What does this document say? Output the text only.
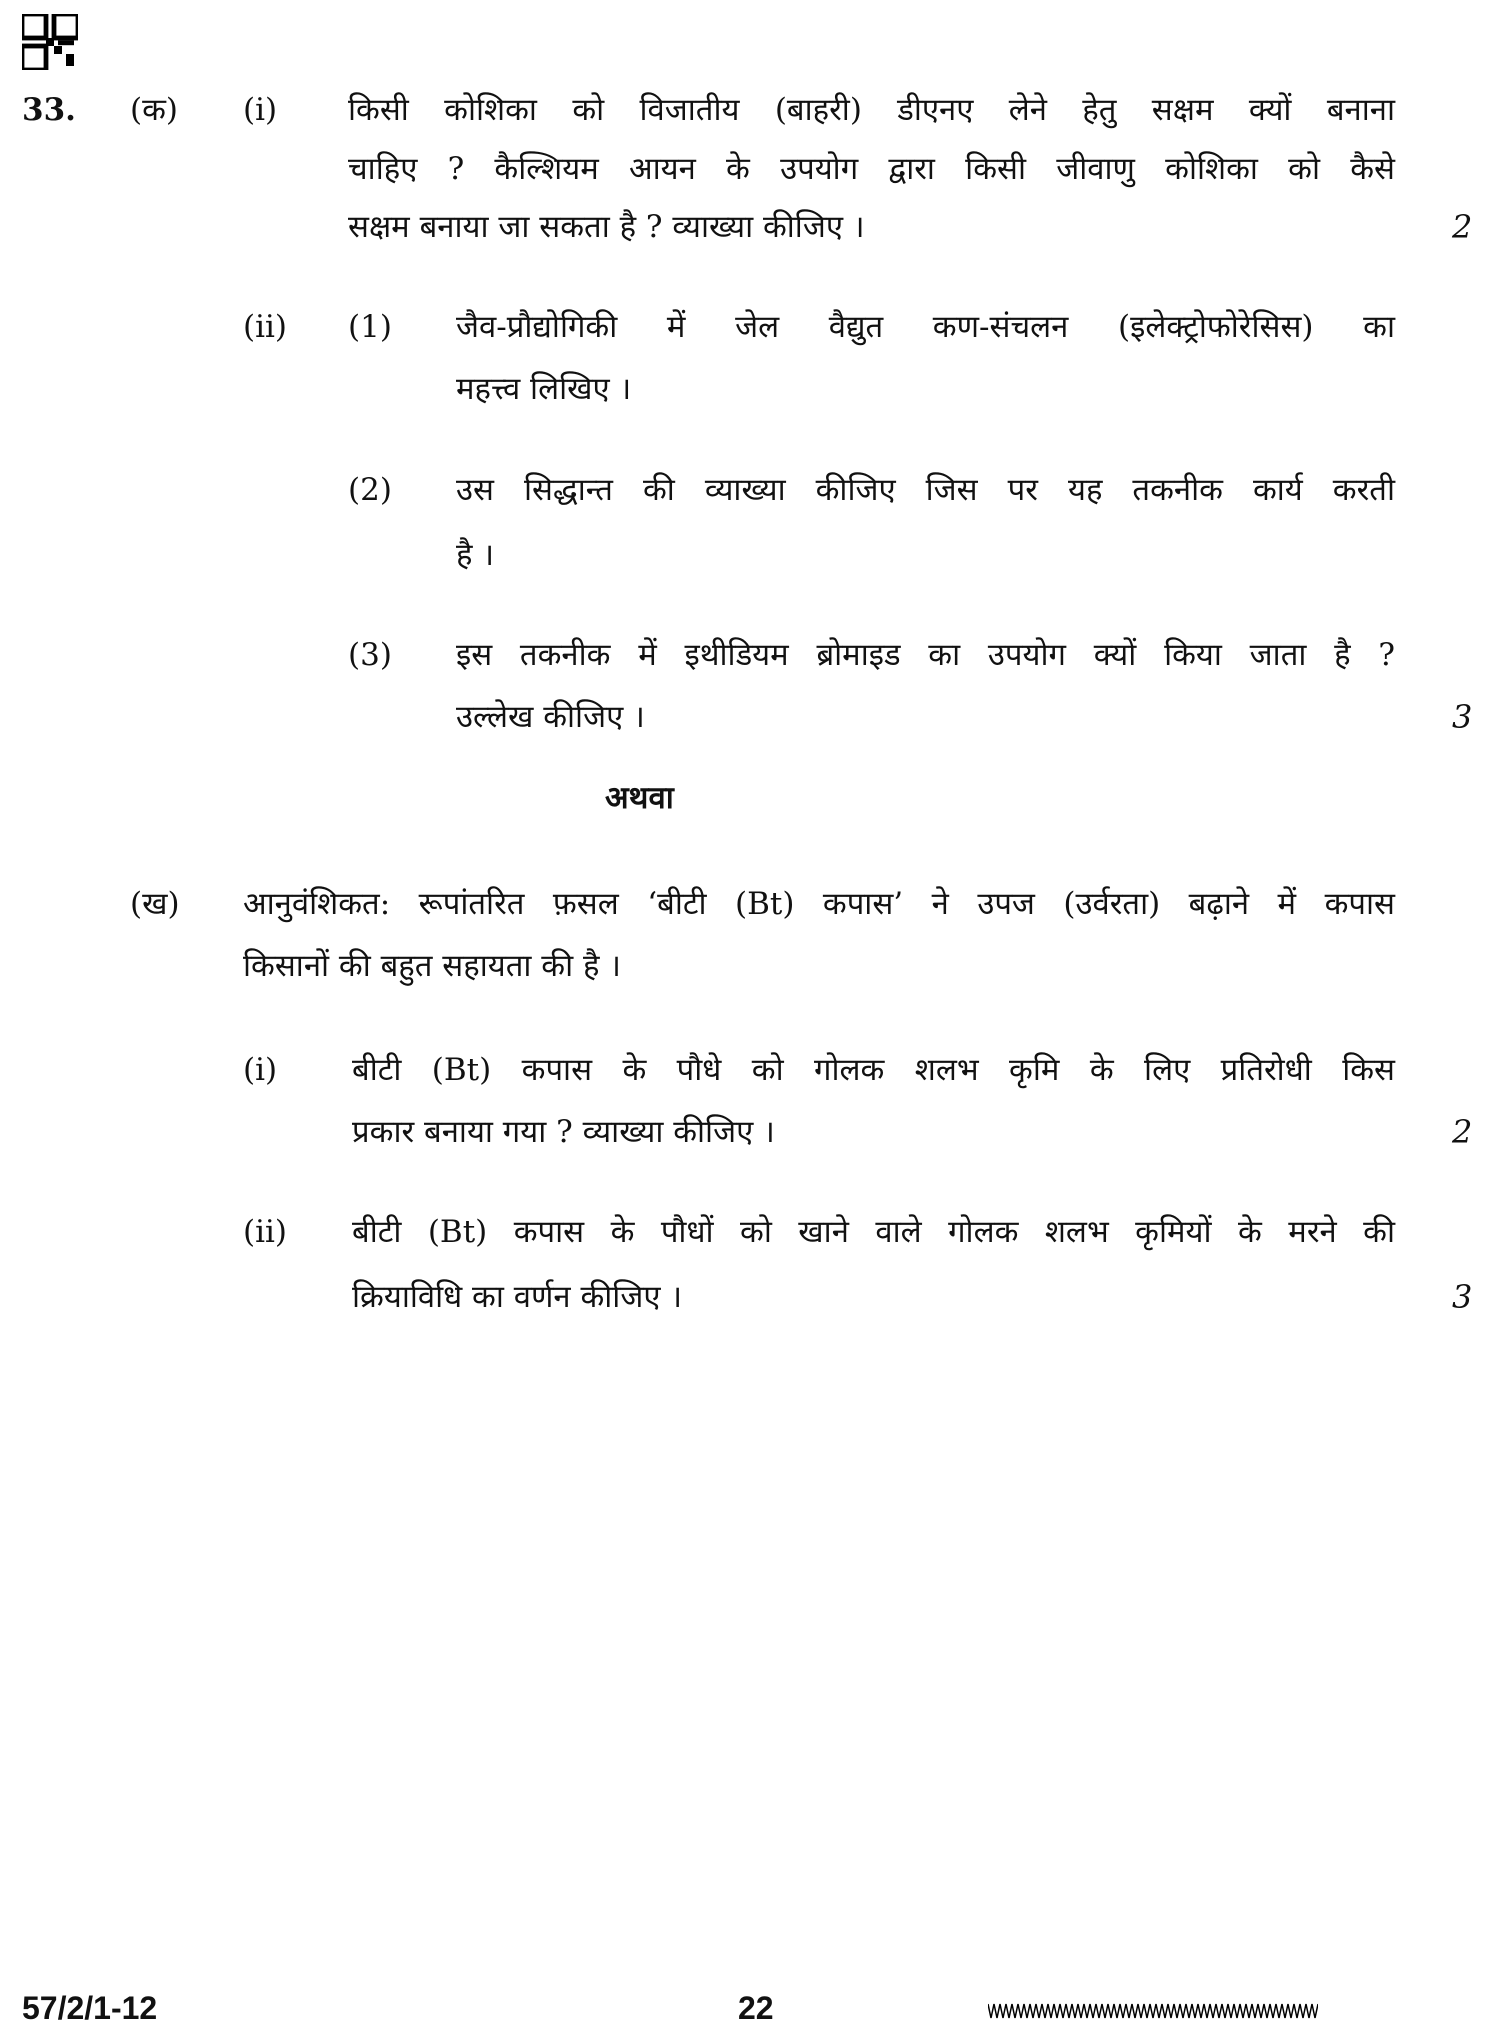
33. (क) (i) किसी कोशिका को विजातीय (बाहरी) डीएनए लेने हेतु सक्षम क्यों बनाना
चाहिए ? कैल्शियम आयन के उपयोग द्वारा किसी जीवाणु कोशिका को कैसे
सक्षम बनाया जा सकता है ? व्याख्या कीजिए ।	2
(ii) (1) जैव-प्रौद्योगिकी में जेल वैद्युत कण-संचलन (इलेक्ट्रोफोरेसिस) का
महत्त्व लिखिए ।
(2) उस सिद्धान्त की व्याख्या कीजिए जिस पर यह तकनीक कार्य करती
है ।
(3) इस तकनीक में इथीडियम ब्रोमाइड का उपयोग क्यों किया जाता है ?
उल्लेख कीजिए ।	3
अथवा
(ख) आनुवंशिकत: रूपांतरित फ़सल ‘बीटी (Bt) कपास’ ने उपज (उर्वरता) बढ़ाने में कपास
किसानों की बहुत सहायता की है ।
(i) बीटी (Bt) कपास के पौधे को गोलक शलभ कृमि के लिए प्रतिरोधी किस
प्रकार बनाया गया ? व्याख्या कीजिए ।	2
(ii) बीटी (Bt) कपास के पौधों को खाने वाले गोलक शलभ कृमियों के मरने की
क्रियाविधि का वर्णन कीजिए ।	3
57/2/1-12	22
